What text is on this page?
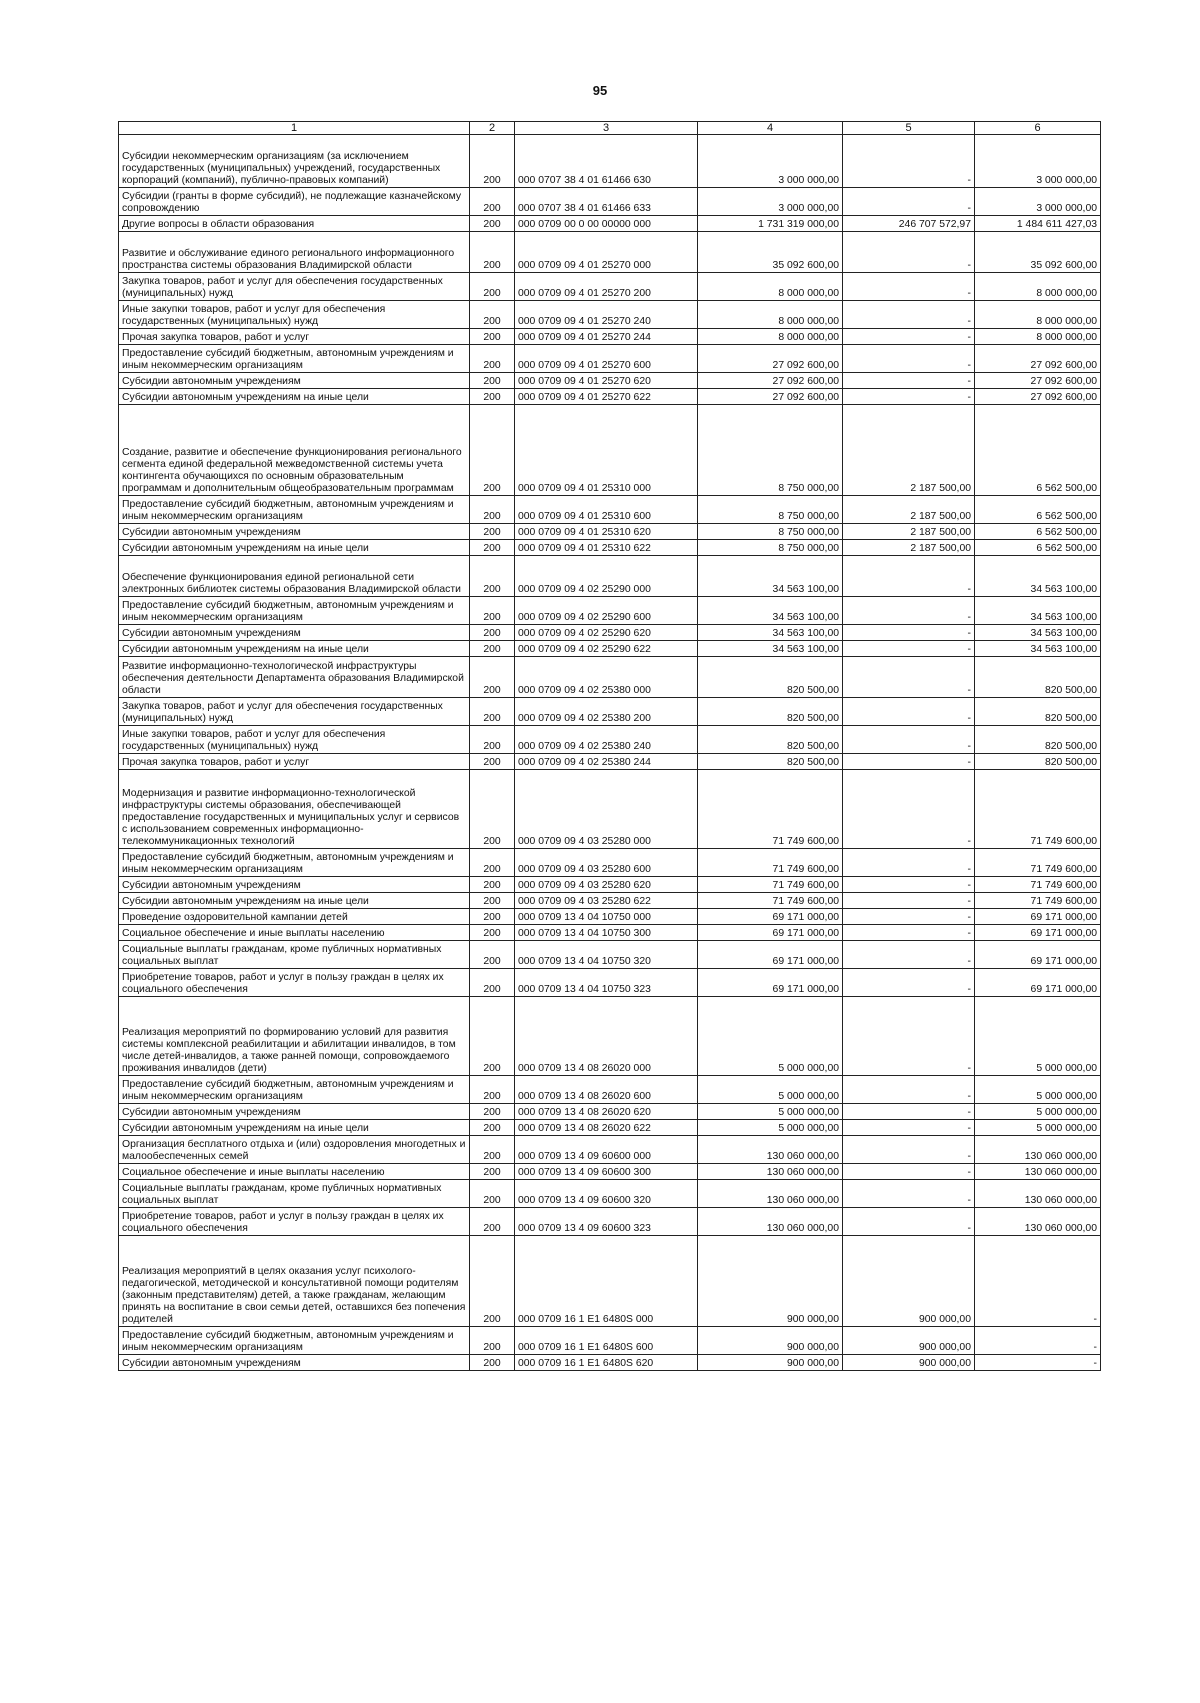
95
1	2	3	4	5	6
Субсидии некоммерческим организациям (за исключением государственных (муниципальных) учреждений, государственных корпораций (компаний), публично-правовых компаний)	200	000 0707 38 4 01 61466 630	3 000 000,00	-	3 000 000,00
Субсидии (гранты в форме субсидий), не подлежащие казначейскому сопровождению	200	000 0707 38 4 01 61466 633	3 000 000,00	-	3 000 000,00
Другие вопросы в области образования	200	000 0709 00 0 00 00000 000	1 731 319 000,00	246 707 572,97	1 484 611 427,03
Развитие и обслуживание единого регионального информационного пространства системы образования Владимирской области	200	000 0709 09 4 01 25270 000	35 092 600,00	-	35 092 600,00
Закупка товаров, работ и услуг для обеспечения государственных (муниципальных) нужд	200	000 0709 09 4 01 25270 200	8 000 000,00	-	8 000 000,00
Иные закупки товаров, работ и услуг для обеспечения государственных (муниципальных) нужд	200	000 0709 09 4 01 25270 240	8 000 000,00	-	8 000 000,00
Прочая закупка товаров, работ и услуг	200	000 0709 09 4 01 25270 244	8 000 000,00	-	8 000 000,00
Предоставление субсидий бюджетным, автономным учреждениям и иным некоммерческим организациям	200	000 0709 09 4 01 25270 600	27 092 600,00	-	27 092 600,00
Субсидии автономным учреждениям	200	000 0709 09 4 01 25270 620	27 092 600,00	-	27 092 600,00
Субсидии автономным учреждениям на иные цели	200	000 0709 09 4 01 25270 622	27 092 600,00	-	27 092 600,00
Создание, развитие и обеспечение функционирования регионального сегмента единой федеральной межведомственной системы учета контингента обучающихся по основным образовательным программам и дополнительным общеобразовательным программам	200	000 0709 09 4 01 25310 000	8 750 000,00	2 187 500,00	6 562 500,00
Предоставление субсидий бюджетным, автономным учреждениям и иным некоммерческим организациям	200	000 0709 09 4 01 25310 600	8 750 000,00	2 187 500,00	6 562 500,00
Субсидии автономным учреждениям	200	000 0709 09 4 01 25310 620	8 750 000,00	2 187 500,00	6 562 500,00
Субсидии автономным учреждениям на иные цели	200	000 0709 09 4 01 25310 622	8 750 000,00	2 187 500,00	6 562 500,00
Обеспечение функционирования единой региональной сети электронных библиотек системы образования Владимирской области	200	000 0709 09 4 02 25290 000	34 563 100,00	-	34 563 100,00
Предоставление субсидий бюджетным, автономным учреждениям и иным некоммерческим организациям	200	000 0709 09 4 02 25290 600	34 563 100,00	-	34 563 100,00
Субсидии автономным учреждениям	200	000 0709 09 4 02 25290 620	34 563 100,00	-	34 563 100,00
Субсидии автономным учреждениям на иные цели	200	000 0709 09 4 02 25290 622	34 563 100,00	-	34 563 100,00
Развитие информационно-технологической инфраструктуры обеспечения деятельности Департамента образования Владимирской области	200	000 0709 09 4 02 25380 000	820 500,00	-	820 500,00
Закупка товаров, работ и услуг для обеспечения государственных (муниципальных) нужд	200	000 0709 09 4 02 25380 200	820 500,00	-	820 500,00
Иные закупки товаров, работ и услуг для обеспечения государственных (муниципальных) нужд	200	000 0709 09 4 02 25380 240	820 500,00	-	820 500,00
Прочая закупка товаров, работ и услуг	200	000 0709 09 4 02 25380 244	820 500,00	-	820 500,00
Модернизация и развитие информационно-технологической инфраструктуры системы образования, обеспечивающей предоставление государственных и муниципальных услуг и сервисов с использованием современных информационно-телекоммуникационных технологий	200	000 0709 09 4 03 25280 000	71 749 600,00	-	71 749 600,00
Предоставление субсидий бюджетным, автономным учреждениям и иным некоммерческим организациям	200	000 0709 09 4 03 25280 600	71 749 600,00	-	71 749 600,00
Субсидии автономным учреждениям	200	000 0709 09 4 03 25280 620	71 749 600,00	-	71 749 600,00
Субсидии автономным учреждениям на иные цели	200	000 0709 09 4 03 25280 622	71 749 600,00	-	71 749 600,00
Проведение оздоровительной кампании детей	200	000 0709 13 4 04 10750 000	69 171 000,00	-	69 171 000,00
Социальное обеспечение и иные выплаты населению	200	000 0709 13 4 04 10750 300	69 171 000,00	-	69 171 000,00
Социальные выплаты гражданам, кроме публичных нормативных социальных выплат	200	000 0709 13 4 04 10750 320	69 171 000,00	-	69 171 000,00
Приобретение товаров, работ и услуг в пользу граждан в целях их социального обеспечения	200	000 0709 13 4 04 10750 323	69 171 000,00	-	69 171 000,00
Реализация мероприятий по формированию условий для развития системы комплексной реабилитации и абилитации инвалидов, в том числе детей-инвалидов, а также ранней помощи, сопровождаемого проживания инвалидов (дети)	200	000 0709 13 4 08 26020 000	5 000 000,00	-	5 000 000,00
Предоставление субсидий бюджетным, автономным учреждениям и иным некоммерческим организациям	200	000 0709 13 4 08 26020 600	5 000 000,00	-	5 000 000,00
Субсидии автономным учреждениям	200	000 0709 13 4 08 26020 620	5 000 000,00	-	5 000 000,00
Субсидии автономным учреждениям на иные цели	200	000 0709 13 4 08 26020 622	5 000 000,00	-	5 000 000,00
Организация бесплатного отдыха и (или) оздоровления многодетных и малообеспеченных семей	200	000 0709 13 4 09 60600 000	130 060 000,00	-	130 060 000,00
Социальное обеспечение и иные выплаты населению	200	000 0709 13 4 09 60600 300	130 060 000,00	-	130 060 000,00
Социальные выплаты гражданам, кроме публичных нормативных социальных выплат	200	000 0709 13 4 09 60600 320	130 060 000,00	-	130 060 000,00
Приобретение товаров, работ и услуг в пользу граждан в целях их социального обеспечения	200	000 0709 13 4 09 60600 323	130 060 000,00	-	130 060 000,00
Реализация мероприятий в целях оказания услуг психолого-педагогической, методической и консультативной помощи родителям (законным представителям) детей, а также гражданам, желающим принять на воспитание в свои семьи детей, оставшихся без попечения родителей	200	000 0709 16 1 E1 6480S 000	900 000,00	900 000,00	-
Предоставление субсидий бюджетным, автономным учреждениям и иным некоммерческим организациям	200	000 0709 16 1 E1 6480S 600	900 000,00	900 000,00	-
Субсидии автономным учреждениям	200	000 0709 16 1 E1 6480S 620	900 000,00	900 000,00	-
